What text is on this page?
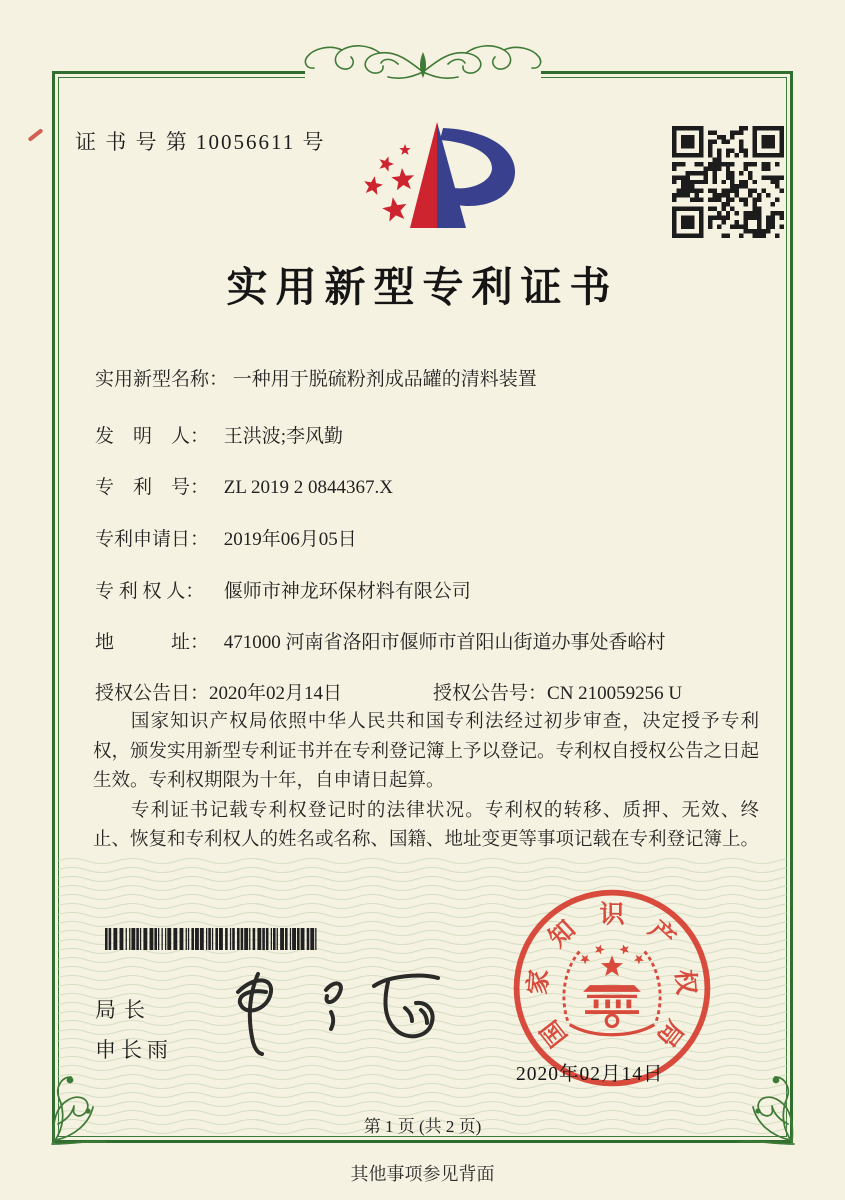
证 书 号 第 10056611 号
实用新型专利证书
实用新型名称： 一种用于脱硫粉剂成品罐的清料装置
发　明　人： 王洪波;李风勤
专　利　号： ZL 2019 2 0844367.X
专利申请日： 2019年06月05日
专 利 权 人： 偃师市神龙环保材料有限公司
地　　　址： 471000 河南省洛阳市偃师市首阳山街道办事处香峪村
授权公告日：2020年02月14日	授权公告号：CN 210059256 U

国家知识产权局依照中华人民共和国专利法经过初步审查，决定授予专利权，颁发实用新型专利证书并在专利登记簿上予以登记。专利权自授权公告之日起生效。专利权期限为十年，自申请日起算。

专利证书记载专利权登记时的法律状况。专利权的转移、质押、无效、终止、恢复和专利权人的姓名或名称、国籍、地址变更等事项记载在专利登记簿上。

局长
申长雨	国
家
知
识
产
权
局
2020年02月14日
第 1 页 (共 2 页)
其他事项参见背面
